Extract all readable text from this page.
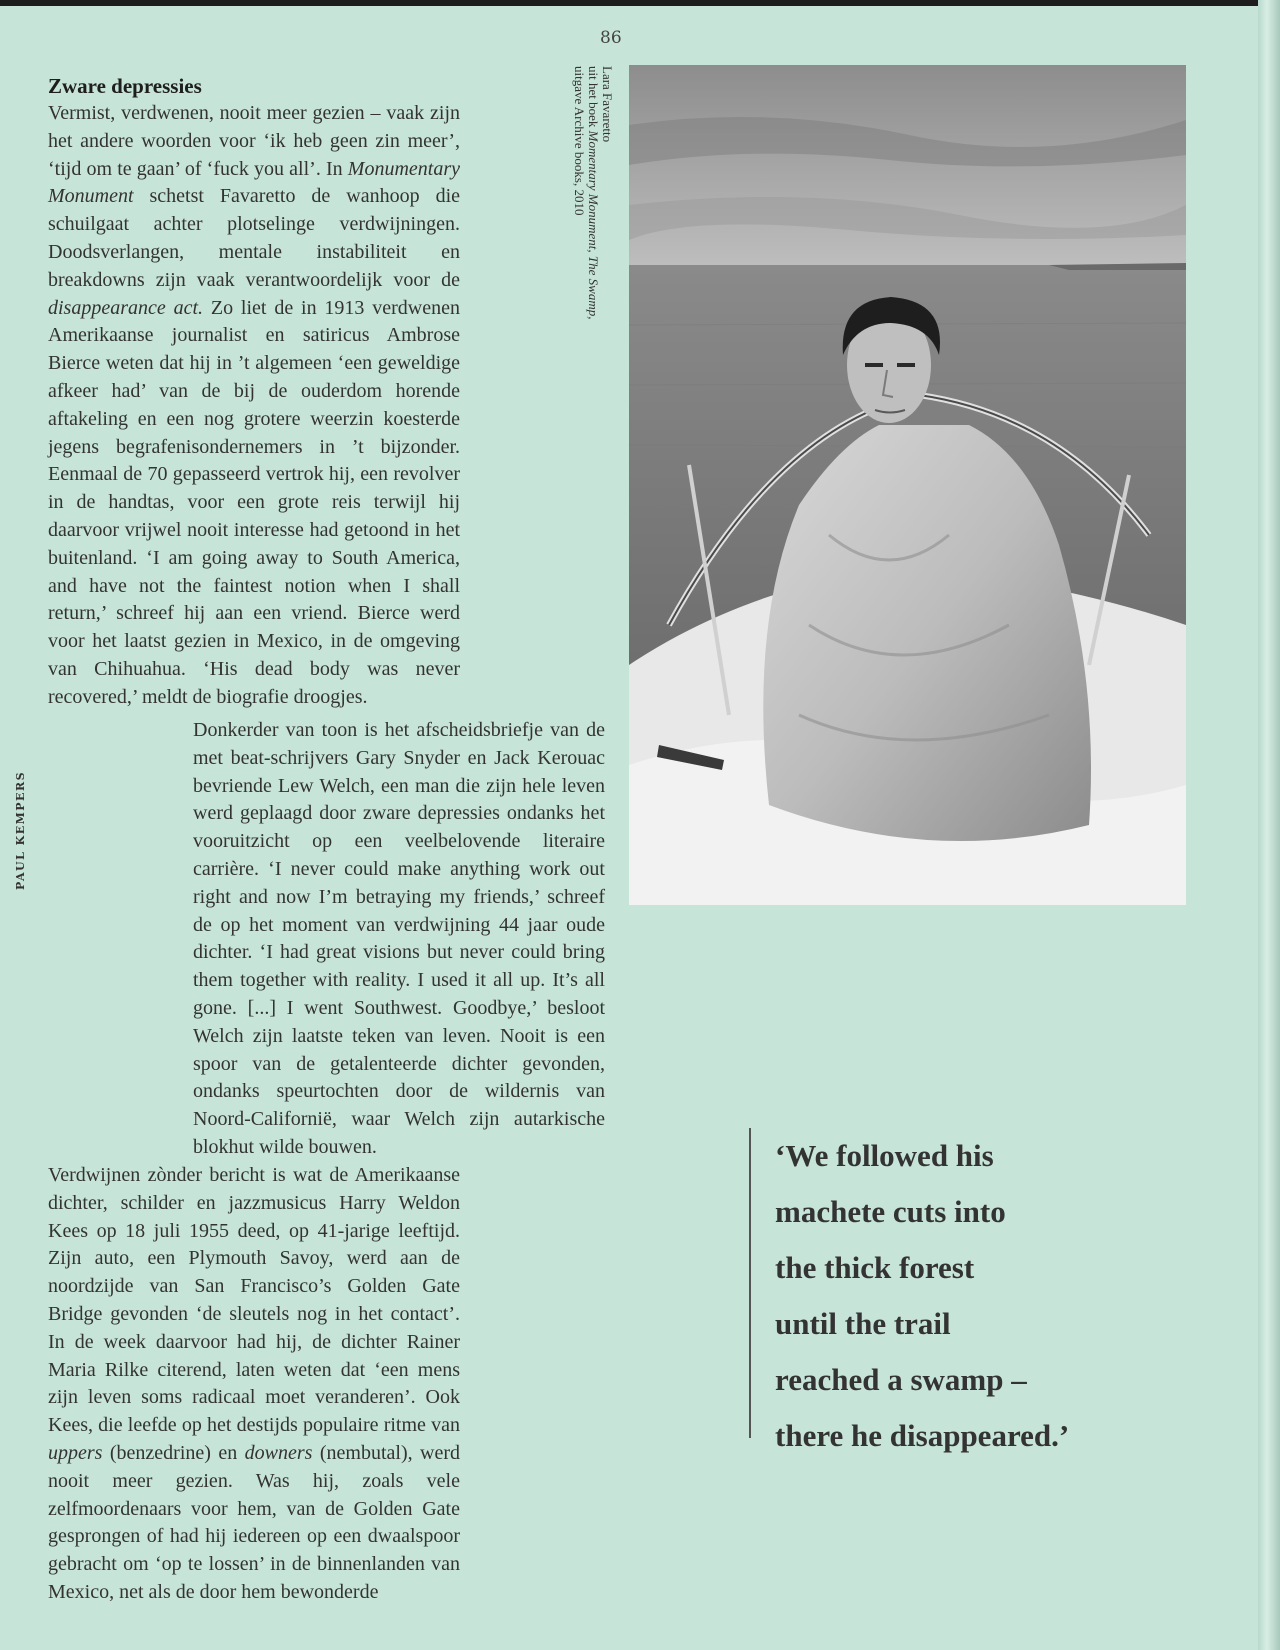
86
PAUL KEMPERS
Zware depressies

Vermist, verdwenen, nooit meer gezien – vaak zijn het andere woorden voor ‘ik heb geen zin meer’, ‘tijd om te gaan’ of ‘fuck you all’. In Monumentary Monument schetst Favaretto de wanhoop die schuilgaat achter plotselinge verdwijningen. Doodsverlangen, mentale instabiliteit en breakdowns zijn vaak verantwoordelijk voor de disappearance act. Zo liet de in 1913 verdwenen Amerikaanse journalist en satiricus Ambrose Bierce weten dat hij in ’t algemeen ‘een geweldige afkeer had’ van de bij de ouderdom horende aftakeling en een nog grotere weerzin koesterde jegens begrafenisondernemers in ’t bijzonder. Eenmaal de 70 gepasseerd vertrok hij, een revolver in de handtas, voor een grote reis terwijl hij daarvoor vrijwel nooit interesse had getoond in het buitenland. ‘I am going away to South America, and have not the faintest notion when I shall return,’ schreef hij aan een vriend. Bierce werd voor het laatst gezien in Mexico, in de omgeving van Chihuahua. ‘His dead body was never recovered,’ meldt de biografie droogjes.

Donkerder van toon is het afscheidsbriefje van de met beat-schrijvers Gary Snyder en Jack Kerouac bevriende Lew Welch, een man die zijn hele leven werd geplaagd door zware depressies ondanks het vooruitzicht op een veelbelovende literaire carrière. ‘I never could make anything work out right and now I’m betraying my friends,’ schreef de op het moment van verdwijning 44 jaar oude dichter. ‘I had great visions but never could bring them together with reality. I used it all up. It’s all gone. [...] I went Southwest. Goodbye,’ besloot Welch zijn laatste teken van leven. Nooit is een spoor van de getalenteerde dichter gevonden, ondanks speurtochten door de wildernis van Noord-Californië, waar Welch zijn autarkische blokhut wilde bouwen.

Verdwijnen zònder bericht is wat de Amerikaanse dichter, schilder en jazzmusicus Harry Weldon Kees op 18 juli 1955 deed, op 41-jarige leeftijd. Zijn auto, een Plymouth Savoy, werd aan de noordzijde van San Francisco’s Golden Gate Bridge gevonden ‘de sleutels nog in het contact’. In de week daarvoor had hij, de dichter Rainer Maria Rilke citerend, laten weten dat ‘een mens zijn leven soms radicaal moet veranderen’. Ook Kees, die leefde op het destijds populaire ritme van uppers (benzedrine) en downers (nembutal), werd nooit meer gezien. Was hij, zoals vele zelfmoordenaars voor hem, van de Golden Gate gesprongen of had hij iedereen op een dwaalspoor gebracht om ‘op te lossen’ in de binnenlanden van Mexico, net als de door hem bewonderde

Lara Favaretto
uit het boek Momentary Monument, The Swamp,
uitgave Archive books, 2010
‘We followed his
machete cuts into
the thick forest
until the trail
reached a swamp –
there he disappeared.’
